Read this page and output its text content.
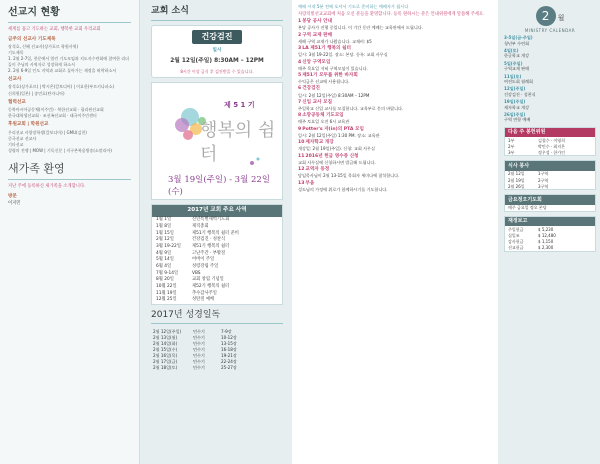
선교지 현황
세계를 품고 기도하는 교회, 행복한 교회 우리교회
금주의 선교사 기도제목
장석호, 신혜 선교사(상가포르 학원사역)
기도제목
1. 2월 2-7일, 풍문에서 열린 기도모임과 지도자수련회에 참여한 리더들이 주님의 사역자로 성장하게 하소서
2. 2월 6-9일 인도 지역과 교회로 돌아가는 재정을 허락하소서
선교사
장석호(싱가포르) | 박시온(캄보디아) | 이요한(부르키나파소)
신희원(일본) | 송민호(탄자니아)
협력선교
동북아시아공동체(이주민) · 북한선교회 · 필리핀선교회
한국대학생선교회 · 조선족선교회 · 태국이주민센터
후원교회 | 학원선교
우리선교 사랑장학생(캄보디아) | GMU(김천)
중국선교 선교사
기타선교
성령의 전쟁 | MOW | 기독신문 | 지구촌복음방송(소말리아)
새가족 환영
지난 주에 등록하신 새가족을 소개합니다.
방문
이지민
교회 소식
건강검진
일시
2월 12일(주일) 8:30AM – 12PM
8시간 이상 금식 후 검진받을 수 있습니다.
제 5 1 기
행복의 쉼터
3월 19일(주일) - 3월 22일(수)
2017년 교회 주요 사역
1월 1일	신년특별새벽기도회
1월 8일	제직총회
1월 15일	제51기 행복의 쉼터 준비
2월 12일	건강검진 · 성찬식
3월 19-22일	제51기 행복의 쉼터
4월 9일	고난주간 · 부활절
5월 14일	어버이 주일
6월 4일	성령강림 주일
7월 9-14일	VBS
8월 20일	교회 창립 기념일
10월 22일	제52기 행복의 쉼터
11월 19일	추수감사주일
12월 25일	성탄절 예배
2017년 성경일독
2월 12일(주일)	민수기	7-9장
2월 13일(월)	민수기	10-12장
2월 14일(화)	민수기	13-15장
2월 15일(수)	민수기	16-18장
2월 16일(목)	민수기	19-21장
2월 17일(금)	민수기	22-24장
2월 18일(토)	민수기	25-27장
예배 시작 5분 전에 오셔서 기도로 준비하는 예배자가 됩시다
사랑의빛선교교회에 처음 오신 분들을 환영합니다. 등록 원하시는 분은 안내위원에게 말씀해 주세요.
1봉당 공사 안내
본당 공사가 진행 중입니다. 이 기간 동안 예배는 교육관에서 드립니다.
2구역 교재 판매
새해 구역 교재가 나왔습니다. 교재비: $5
3LA 제51기 행복의 쉼터
일시: 3월 19-22일. 장소: 본당. 등록: 교회 사무실
4신앙 구역모임
매주 목요일 저녁 구역모임이 있습니다.
5제51기 모두를 위한 바자회
수익금은 선교에 사용됩니다.
6건강검진
일시: 2월 12일(주일) 8:30AM – 12PM
7신입 교사 모집
주일학교 신입 교사를 모집합니다. 교육부로 문의 바랍니다.
8소망공동체 기도모임
매주 토요일 오전 6시 교육관
9Potter's 자(in)의 PTA 모임
일시: 2월 12일(주일) 1:30 PM. 장소: 교육관
10제자학교 개강
개강일: 2월 19일(주일). 신청: 교회 사무실
112016년 헌금 영수증 신청
교회 사무실에 신청하시면 발급해 드립니다.
12교역자 동정
담임목사님이 2월 13-15일 목회자 세미나에 참석합니다.
13부음
성도님의 가정에 위로가 함께하시기를 기도합니다.
2 월
MINISTRY CALENDAR
3-5일(금-주일)
청년부 수련회
4일(토)
한글학교 개강
5일(주일)
구역교재 판매
11일(토)
여전도회 월례회
12일(주일)
건강검진 · 성찬식
19일(주일)
제자학교 개강
26일(주일)
구역 연합 예배
다음 주 봉헌위원
1부	김철수 · 이영희
2부	박민수 · 최지은
3부	정우성 · 한가인
식사 봉사
2월 12일	1구역
2월 19일	2구역
2월 26일	3구역
금요정오기도회
매주 금요일 정오 본당
재정보고
주일헌금	$ 5,230
십일조	$ 12,480
감사헌금	$ 1,150
선교헌금	$ 2,300
